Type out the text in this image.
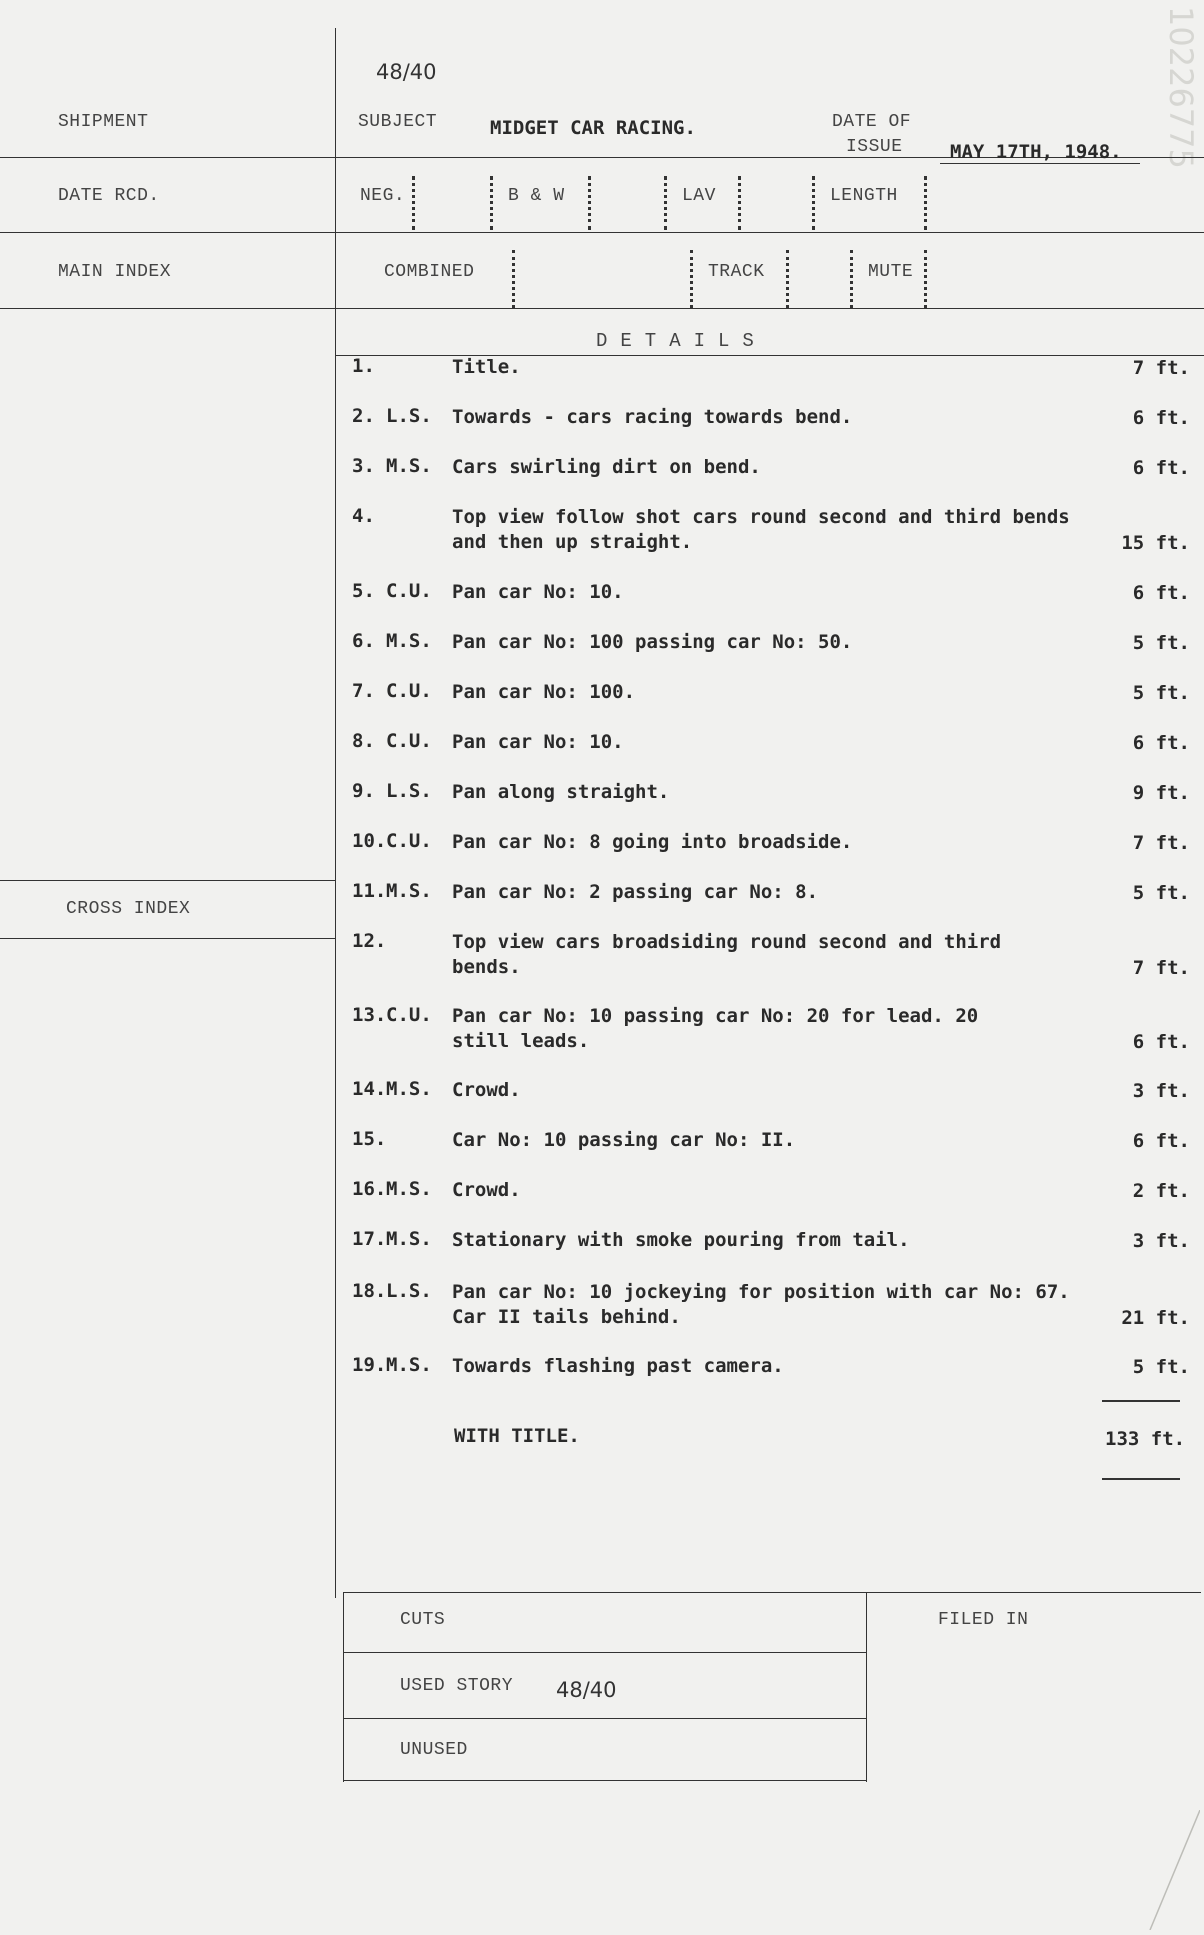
10226775
48/40
SHIPMENT	SUBJECT	MIDGET CAR RACING.	DATE OF
ISSUE MAY 17TH, 1948.
DATE RCD.	NEG.	B & W	LAV	LENGTH
MAIN INDEX	COMBINED	TRACK	MUTE
CROSS INDEX
DETAILS
1.	Title.	7 ft.
2. L.S. Towards - cars racing towards bend.	6 ft.
3. M.S. Cars swirling dirt on bend.	6 ft.
4.	Top view follow shot cars round second and third bends and then up straight.	15 ft.
5. C.U. Pan car No: 10.	6 ft.
6. M.S. Pan car No: 100 passing car No: 50.	5 ft.
7. C.U. Pan car No: 100.	5 ft.
8. C.U. Pan car No: 10.	6 ft.
9. L.S. Pan along straight.	9 ft.
10. C.U. Pan car No: 8 going into broadside.	7 ft.
11. M.S. Pan car No: 2 passing car No: 8.	5 ft.
12.	Top view cars broadsiding round second and third bends.	7 ft.
13. C.U. Pan car No: 10 passing car No: 20 for lead. 20 still leads.	6 ft.
14. M.S. Crowd.	3 ft.
15.	Car No: 10 passing car No: II.	6 ft.
16. M.S. Crowd.	2 ft.
17. M.S. Stationary with smoke pouring from tail.	3 ft.
18. L.S. Pan car No: 10 jockeying for position with car No: 67. Car II tails behind.	21 ft.
19. M.S. Towards flashing past camera.	5 ft.
WITH TITLE.	133 ft.
CUTS	FILED IN
USED STORY 48/40
UNUSED
